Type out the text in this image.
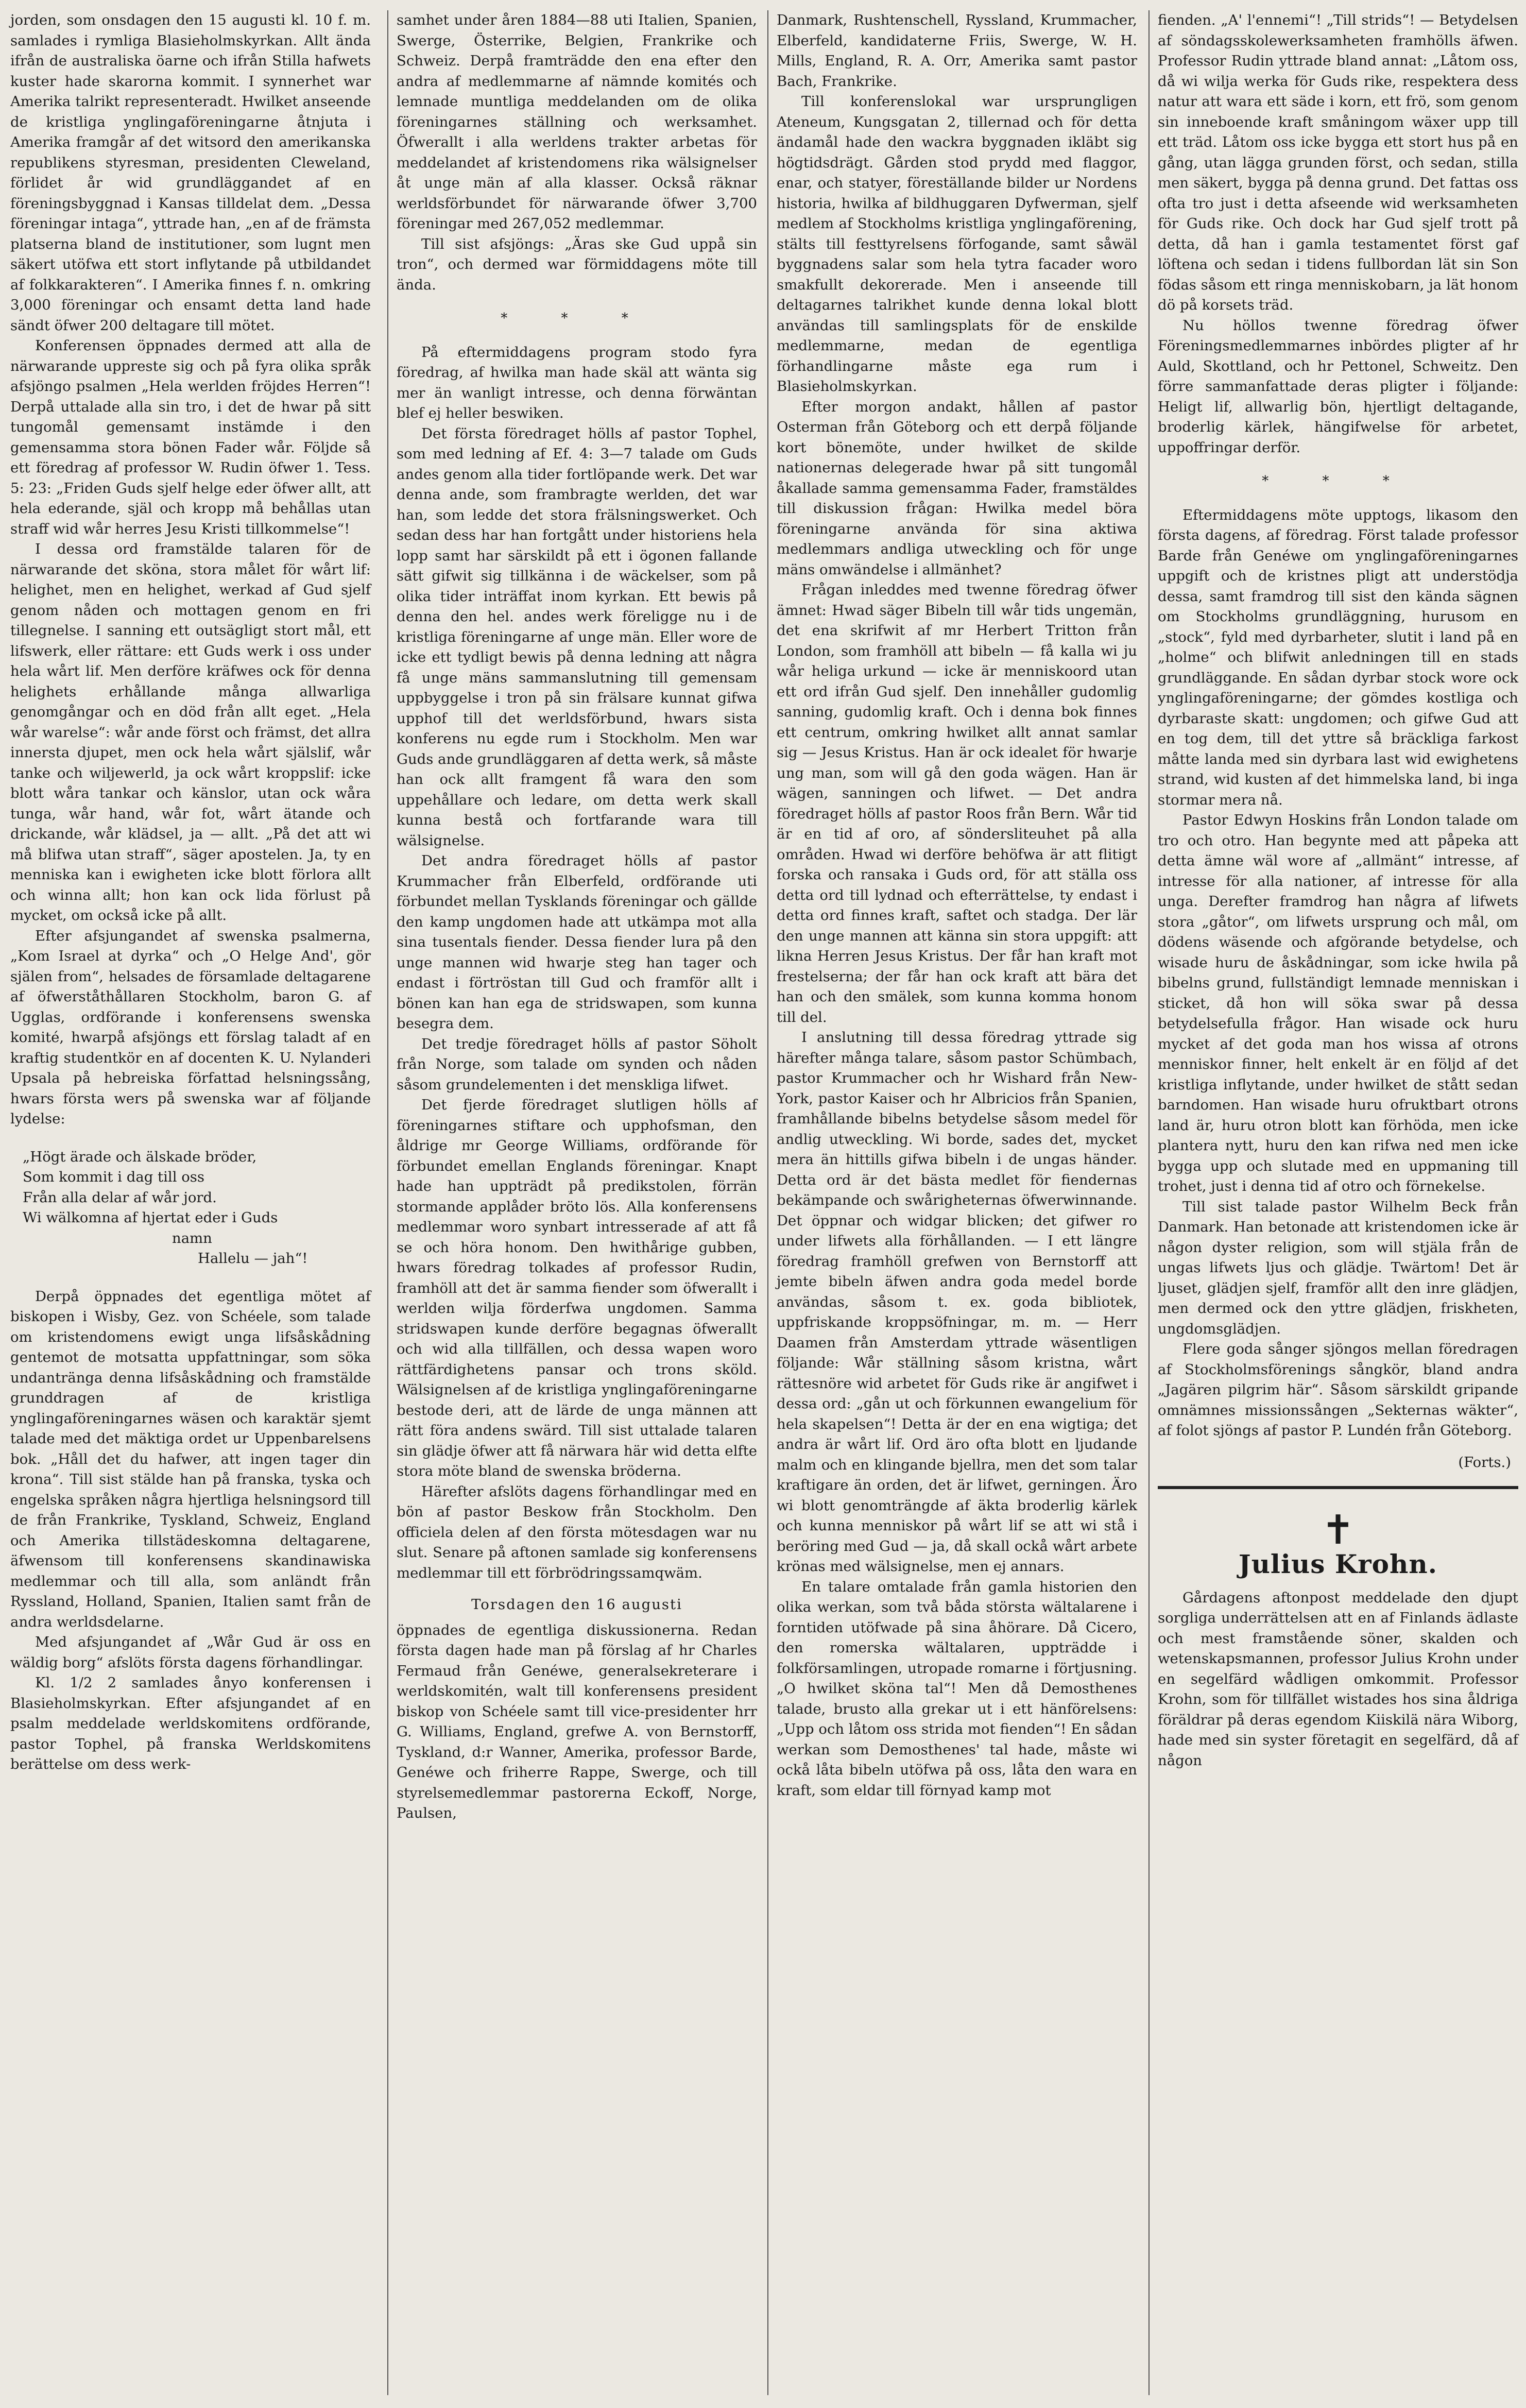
jorden, som onsdagen den 15 augusti kl. 10 f. m. samlades i rymliga Blasieholmskyrkan. Allt ända ifrån de australiska öarne och ifrån Stilla hafwets kuster hade skarorna kommit. I synnerhet war Amerika talrikt representeradt. Hwilket anseende de kristliga ynglingaföreningarne åtnjuta i Amerika framgår af det witsord den amerikanska republikens styresman, presidenten Cleweland, förlidet år wid grundläggandet af en föreningsbyggnad i Kansas tilldelat dem. „Dessa föreningar intaga“, yttrade han, „en af de främsta platserna bland de institutioner, som lugnt men säkert utöfwa ett stort inflytande på utbildandet af folkkarakteren“. I Amerika finnes f. n. omkring 3,000 föreningar och ensamt detta land hade sändt öfwer 200 deltagare till mötet.

Konferensen öppnades dermed att alla de närwarande uppreste sig och på fyra olika språk afsjöngo psalmen „Hela werlden fröjdes Herren“! Derpå uttalade alla sin tro, i det de hwar på sitt tungomål gemensamt instämde i den gemensamma stora bönen Fader wår. Följde så ett föredrag af professor W. Rudin öfwer 1. Tess. 5: 23: „Friden Guds sjelf helge eder öfwer allt, att hela ederande, själ och kropp må behållas utan straff wid wår herres Jesu Kristi tillkommelse“!

I dessa ord framstälde talaren för de närwarande det sköna, stora målet för wårt lif: helighet, men en helighet, werkad af Gud sjelf genom nåden och mottagen genom en fri tillegnelse. I sanning ett outsägligt stort mål, ett lifswerk, eller rättare: ett Guds werk i oss under hela wårt lif. Men derföre kräfwes ock för denna helighets erhållande många allwarliga genomgångar och en död från allt eget. „Hela wår warelse“: wår ande först och främst, det allra innersta djupet, men ock hela wårt själslif, wår tanke och wiljewerld, ja ock wårt kroppslif: icke blott wåra tankar och känslor, utan ock wåra tunga, wår hand, wår fot, wårt ätande och drickande, wår klädsel, ja — allt. „På det att wi må blifwa utan straff“, säger apostelen. Ja, ty en menniska kan i ewigheten icke blott förlora allt och winna allt; hon kan ock lida förlust på mycket, om också icke på allt.

Efter afsjungandet af swenska psalmerna, „Kom Israel at dyrka“ och „O Helge And', gör själen from“, helsades de församlade deltagarene af öfwerståthållaren Stockholm, baron G. af Ugglas, ordförande i konferensens swenska komité, hwarpå afsjöngs ett förslag taladt af en kraftig studentkör en af docenten K. U. Nylanderi Upsala på hebreiska författad helsningssång, hwars första wers på swenska war af följande lydelse:

„Högt ärade och älskade bröder,
Som kommit i dag till oss
Från alla delar af wår jord.
Wi wälkomna af hjertat eder i Guds
namn
Hallelu — jah“!

Derpå öppnades det egentliga mötet af biskopen i Wisby, Gez. von Schéele, som talade om kristendomens ewigt unga lifsåskådning gentemot de motsatta uppfattningar, som söka undantränga denna lifsåskådning och framstälde grunddragen af de kristliga ynglingaföreningarnes wäsen och karaktär sjemt talade med det mäktiga ordet ur Uppenbarelsens bok. „Håll det du hafwer, att ingen tager din krona“. Till sist stälde han på franska, tyska och engelska språken några hjertliga helsningsord till de från Frankrike, Tyskland, Schweiz, England och Amerika tillstädeskomna deltagarene, äfwensom till konferensens skandinawiska medlemmar och till alla, som anländt från Ryssland, Holland, Spanien, Italien samt från de andra werldsdelarne.

Med afsjungandet af „Wår Gud är oss en wäldig borg“ afslöts första dagens förhandlingar.

Kl. 1/2 2 samlades ånyo konferensen i Blasieholmskyrkan. Efter afsjungandet af en psalm meddelade werldskomitens ordförande, pastor Tophel, på franska Werldskomitens berättelse om dess werk-

samhet under åren 1884—88 uti Italien, Spanien, Swerge, Österrike, Belgien, Frankrike och Schweiz. Derpå framträdde den ena efter den andra af medlemmarne af nämnde komités och lemnade muntliga meddelanden om de olika föreningarnes ställning och werksamhet. Öfwerallt i alla werldens trakter arbetas för meddelandet af kristendomens rika wälsignelser åt unge män af alla klasser. Också räknar werldsförbundet för närwarande öfwer 3,700 föreningar med 267,052 medlemmar.

Till sist afsjöngs: „Äras ske Gud uppå sin tron“, och dermed war förmiddagens möte till ända.

* * *

På eftermiddagens program stodo fyra föredrag, af hwilka man hade skäl att wänta sig mer än wanligt intresse, och denna förwäntan blef ej heller beswiken.

Det första föredraget hölls af pastor Tophel, som med ledning af Ef. 4: 3—7 talade om Guds andes genom alla tider fortlöpande werk. Det war denna ande, som frambragte werlden, det war han, som ledde det stora frälsningswerket. Och sedan dess har han fortgått under historiens hela lopp samt har särskildt på ett i ögonen fallande sätt gifwit sig tillkänna i de wäckelser, som på olika tider inträffat inom kyrkan. Ett bewis på denna den hel. andes werk föreligge nu i de kristliga föreningarne af unge män. Eller wore de icke ett tydligt bewis på denna ledning att några få unge mäns sammanslutning till gemensam uppbyggelse i tron på sin frälsare kunnat gifwa upphof till det werldsförbund, hwars sista konferens nu egde rum i Stockholm. Men war Guds ande grundläggaren af detta werk, så måste han ock allt framgent få wara den som uppehållare och ledare, om detta werk skall kunna bestå och fortfarande wara till wälsignelse.

Det andra föredraget hölls af pastor Krummacher från Elberfeld, ordförande uti förbundet mellan Tysklands föreningar och gällde den kamp ungdomen hade att utkämpa mot alla sina tusentals fiender. Dessa fiender lura på den unge mannen wid hwarje steg han tager och endast i förtröstan till Gud och framför allt i bönen kan han ega de stridswapen, som kunna besegra dem.

Det tredje föredraget hölls af pastor Söholt från Norge, som talade om synden och nåden såsom grundelementen i det menskliga lifwet.

Det fjerde föredraget slutligen hölls af föreningarnes stiftare och upphofsman, den åldrige mr George Williams, ordförande för förbundet emellan Englands föreningar. Knapt hade han uppträdt på predikstolen, förrän stormande applåder bröto lös. Alla konferensens medlemmar woro synbart intresserade af att få se och höra honom. Den hwithårige gubben, hwars föredrag tolkades af professor Rudin, framhöll att det är samma fiender som öfwerallt i werlden wilja förderfwa ungdomen. Samma stridswapen kunde derföre begagnas öfwerallt och wid alla tillfällen, och dessa wapen woro rättfärdighetens pansar och trons sköld. Wälsignelsen af de kristliga ynglingaföreningarne bestode deri, att de lärde de unga männen att rätt föra andens swärd. Till sist uttalade talaren sin glädje öfwer att få närwara här wid detta elfte stora möte bland de swenska bröderna.

Härefter afslöts dagens förhandlingar med en bön af pastor Beskow från Stockholm. Den officiela delen af den första mötesdagen war nu slut. Senare på aftonen samlade sig konferensens medlemmar till ett förbrödringssamqwäm.

Torsdagen den 16 augusti

öppnades de egentliga diskussionerna. Redan första dagen hade man på förslag af hr Charles Fermaud från Genéwe, generalsekreterare i werldskomitén, walt till konferensens president biskop von Schéele samt till vice-presidenter hrr G. Williams, England, grefwe A. von Bernstorff, Tyskland, d:r Wanner, Amerika, professor Barde, Genéwe och friherre Rappe, Swerge, och till styrelsemedlemmar pastorerna Eckoff, Norge, Paulsen,

Danmark, Rushtenschell, Ryssland, Krummacher, Elberfeld, kandidaterne Friis, Swerge, W. H. Mills, England, R. A. Orr, Amerika samt pastor Bach, Frankrike.

Till konferenslokal war ursprungligen Ateneum, Kungsgatan 2, tillernad och för detta ändamål hade den wackra byggnaden ikläbt sig högtidsdrägt. Gården stod prydd med flaggor, enar, och statyer, föreställande bilder ur Nordens historia, hwilka af bildhuggaren Dyfwerman, sjelf medlem af Stockholms kristliga ynglingaförening, stälts till festtyrelsens förfogande, samt såwäl byggnadens salar som hela tytra facader woro smakfullt dekorerade. Men i anseende till deltagarnes talrikhet kunde denna lokal blott användas till samlingsplats för de enskilde medlemmarne, medan de egentliga förhandlingarne måste ega rum i Blasieholmskyrkan.

Efter morgon andakt, hållen af pastor Osterman från Göteborg och ett derpå följande kort bönemöte, under hwilket de skilde nationernas delegerade hwar på sitt tungomål åkallade samma gemensamma Fader, framstäldes till diskussion frågan: Hwilka medel böra föreningarne använda för sina aktiwa medlemmars andliga utweckling och för unge mäns omwändelse i allmänhet?

Frågan inleddes med twenne föredrag öfwer ämnet: Hwad säger Bibeln till wår tids ungemän, det ena skrifwit af mr Herbert Tritton från London, som framhöll att bibeln — få kalla wi ju wår heliga urkund — icke är menniskoord utan ett ord ifrån Gud sjelf. Den innehåller gudomlig sanning, gudomlig kraft. Och i denna bok finnes ett centrum, omkring hwilket allt annat samlar sig — Jesus Kristus. Han är ock idealet för hwarje ung man, som will gå den goda wägen. Han är wägen, sanningen och lifwet. — Det andra föredraget hölls af pastor Roos från Bern. Wår tid är en tid af oro, af söndersliteuhet på alla områden. Hwad wi derföre behöfwa är att flitigt forska och ransaka i Guds ord, för att ställa oss detta ord till lydnad och efterrättelse, ty endast i detta ord finnes kraft, saftet och stadga. Der lär den unge mannen att känna sin stora uppgift: att likna Herren Jesus Kristus. Der får han kraft mot frestelserna; der får han ock kraft att bära det han och den smälek, som kunna komma honom till del.

I anslutning till dessa föredrag yttrade sig härefter många talare, såsom pastor Schümbach, pastor Krummacher och hr Wishard från New-York, pastor Kaiser och hr Albricios från Spanien, framhållande bibelns betydelse såsom medel för andlig utweckling. Wi borde, sades det, mycket mera än hittills gifwa bibeln i de ungas händer. Detta ord är det bästa medlet för fiendernas bekämpande och swårigheternas öfwerwinnande. Det öppnar och widgar blicken; det gifwer ro under lifwets alla förhållanden. — I ett längre föredrag framhöll grefwen von Bernstorff att jemte bibeln äfwen andra goda medel borde användas, såsom t. ex. goda bibliotek, uppfriskande kroppsöfningar, m. m. — Herr Daamen från Amsterdam yttrade wäsentligen följande: Wår ställning såsom kristna, wårt rättesnöre wid arbetet för Guds rike är angifwet i dessa ord: „gån ut och förkunnen ewangelium för hela skapelsen“! Detta är der en ena wigtiga; det andra är wårt lif. Ord äro ofta blott en ljudande malm och en klingande bjellra, men det som talar kraftigare än orden, det är lifwet, gerningen. Äro wi blott genomträngde af äkta broderlig kärlek och kunna menniskor på wårt lif se att wi stå i beröring med Gud — ja, då skall ockå wårt arbete krönas med wälsignelse, men ej annars.

En talare omtalade från gamla historien den olika werkan, som två båda största wältalarene i forntiden utöfwade på sina åhörare. Då Cicero, den romerska wältalaren, uppträdde i folkförsamlingen, utropade romarne i förtjusning. „O hwilket sköna tal“! Men då Demosthenes talade, brusto alla grekar ut i ett hänförelsens: „Upp och låtom oss strida mot fienden“! En sådan werkan som Demosthenes' tal hade, måste wi ockå låta bibeln utöfwa på oss, låta den wara en kraft, som eldar till förnyad kamp mot

fienden. „A' l'ennemi“! „Till strids“! — Betydelsen af söndagsskolewerksamheten framhölls äfwen. Professor Rudin yttrade bland annat: „Låtom oss, då wi wilja werka för Guds rike, respektera dess natur att wara ett säde i korn, ett frö, som genom sin inneboende kraft småningom wäxer upp till ett träd. Låtom oss icke bygga ett stort hus på en gång, utan lägga grunden först, och sedan, stilla men säkert, bygga på denna grund. Det fattas oss ofta tro just i detta afseende wid werksamheten för Guds rike. Och dock har Gud sjelf trott på detta, då han i gamla testamentet först gaf löftena och sedan i tidens fullbordan lät sin Son födas såsom ett ringa menniskobarn, ja lät honom dö på korsets träd.

Nu höllos twenne föredrag öfwer Föreningsmedlemmarnes inbördes pligter af hr Auld, Skottland, och hr Pettonel, Schweitz. Den förre sammanfattade deras pligter i följande: Heligt lif, allwarlig bön, hjertligt deltagande, broderlig kärlek, hängifwelse för arbetet, uppoffringar derför.

* * *

Eftermiddagens möte upptogs, likasom den första dagens, af föredrag. Först talade professor Barde från Genéwe om ynglingaföreningarnes uppgift och de kristnes pligt att understödja dessa, samt framdrog till sist den kända sägnen om Stockholms grundläggning, hurusom en „stock“, fyld med dyrbarheter, slutit i land på en „holme“ och blifwit anledningen till en stads grundläggande. En sådan dyrbar stock wore ock ynglingaföreningarne; der gömdes kostliga och dyrbaraste skatt: ungdomen; och gifwe Gud att en tog dem, till det yttre så bräckliga farkost måtte landa med sin dyrbara last wid ewighetens strand, wid kusten af det himmelska land, bi inga stormar mera nå.

Pastor Edwyn Hoskins från London talade om tro och otro. Han begynte med att påpeka att detta ämne wäl wore af „allmänt“ intresse, af intresse för alla nationer, af intresse för alla unga. Derefter framdrog han några af lifwets stora „gåtor“, om lifwets ursprung och mål, om dödens wäsende och afgörande betydelse, och wisade huru de åskådningar, som icke hwila på bibelns grund, fullständigt lemnade menniskan i sticket, då hon will söka swar på dessa betydelsefulla frågor. Han wisade ock huru mycket af det goda man hos wissa af otrons menniskor finner, helt enkelt är en följd af det kristliga inflytande, under hwilket de stått sedan barndomen. Han wisade huru ofruktbart otrons land är, huru otron blott kan förhöda, men icke plantera nytt, huru den kan rifwa ned men icke bygga upp och slutade med en uppmaning till trohet, just i denna tid af otro och förnekelse.

Till sist talade pastor Wilhelm Beck från Danmark. Han betonade att kristendomen icke är någon dyster religion, som will stjäla från de ungas lifwets ljus och glädje. Twärtom! Det är ljuset, glädjen sjelf, framför allt den inre glädjen, men dermed ock den yttre glädjen, friskheten, ungdomsglädjen.

Flere goda sånger sjöngos mellan föredragen af Stockholmsförenings sångkör, bland andra „Jagären pilgrim här“. Såsom särskildt gripande omnämnes missionssången „Sekternas wäkter“, af folot sjöngs af pastor P. Lundén från Göteborg.

(Forts.)
✝
Julius Krohn.

Gårdagens aftonpost meddelade den djupt sorgliga underrättelsen att en af Finlands ädlaste och mest framstående söner, skalden och wetenskapsmannen, professor Julius Krohn under en segelfärd wådligen omkommit. Professor Krohn, som för tillfället wistades hos sina åldriga föräldrar på deras egendom Kiiskilä nära Wiborg, hade med sin syster företagit en segelfärd, då af någon
